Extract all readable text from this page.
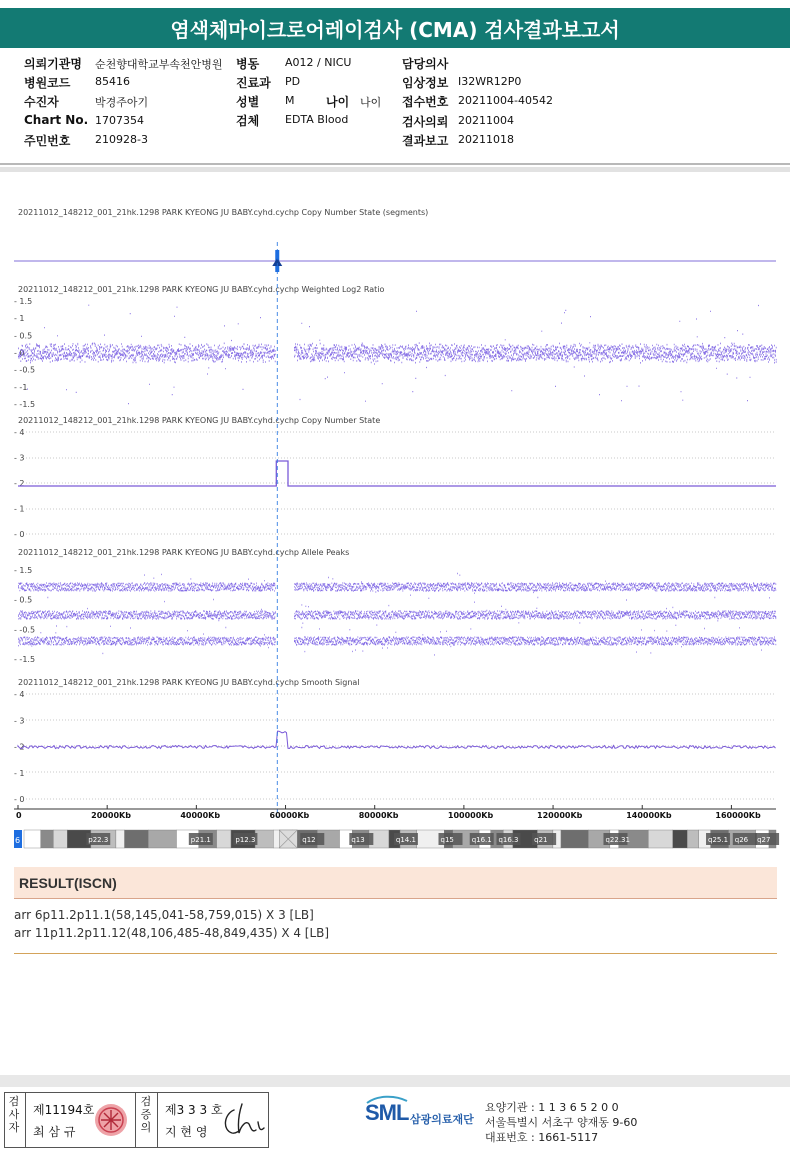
염색체마이크로어레이검사 (CMA) 검사결과보고서
의뢰기관명 순천향대학교부속천안병원 병동 A012 / NICU	담당의사
병원코드 85416	진료과 PD	임상정보 I32WR12P0
수진자	박경주아기	성별 M	나이 나이 접수번호 20211004-40542
Chart No. 1707354	검체 EDTA Blood	검사의뢰 20211004
주민번호 210928-3	결과보고 20211018
20211012_148212_001_21hk.1298 PARK KYEONG JU BABY.cyhd.cychp Copy Number State (segments)
20211012_148212_001_21hk.1298 PARK KYEONG JU BABY.cyhd.cychp Weighted Log2 Ratio
20211012_148212_001_21hk.1298 PARK KYEONG JU BABY.cyhd.cychp Copy Number State
20211012_148212_001_21hk.1298 PARK KYEONG JU BABY.cyhd.cychp Allele Peaks
20211012_148212_001_21hk.1298 PARK KYEONG JU BABY.cyhd.cychp Smooth Signal
- 1.5
- 1
- 0.5
- 0
- -0.5
- -1
- -1.5
- 4
- 3
- 2
- 1
- 0
- 1.5
- 0.5
- -0.5
- -1.5
- 4
- 3
- 2
- 1
- 0
0	20000Kb	40000Kb	60000Kb	80000Kb	100000Kb	120000Kb	140000Kb	160000Kb
6	p22.3	p21.1	p12.3	q12	q13	q14.1	q15	q16.1 q16.3 q21	q22.31	q25.1 q26 q27
RESULT(ISCN)
arr 6p11.2p11.1(58,145,041-58,759,015) X 3 [LB]
arr 11p11.2p11.12(48,106,485-48,849,435) X 4 [LB]
검
사
자
제11194호
최 삼 규
검
증
의
제3 3 3 호
지 현 영
SML 삼광의료재단
요양기관 : 1 1 3 6 5 2 0 0
서울특별시 서초구 양재동 9-60
대표번호 : 1661-5117
